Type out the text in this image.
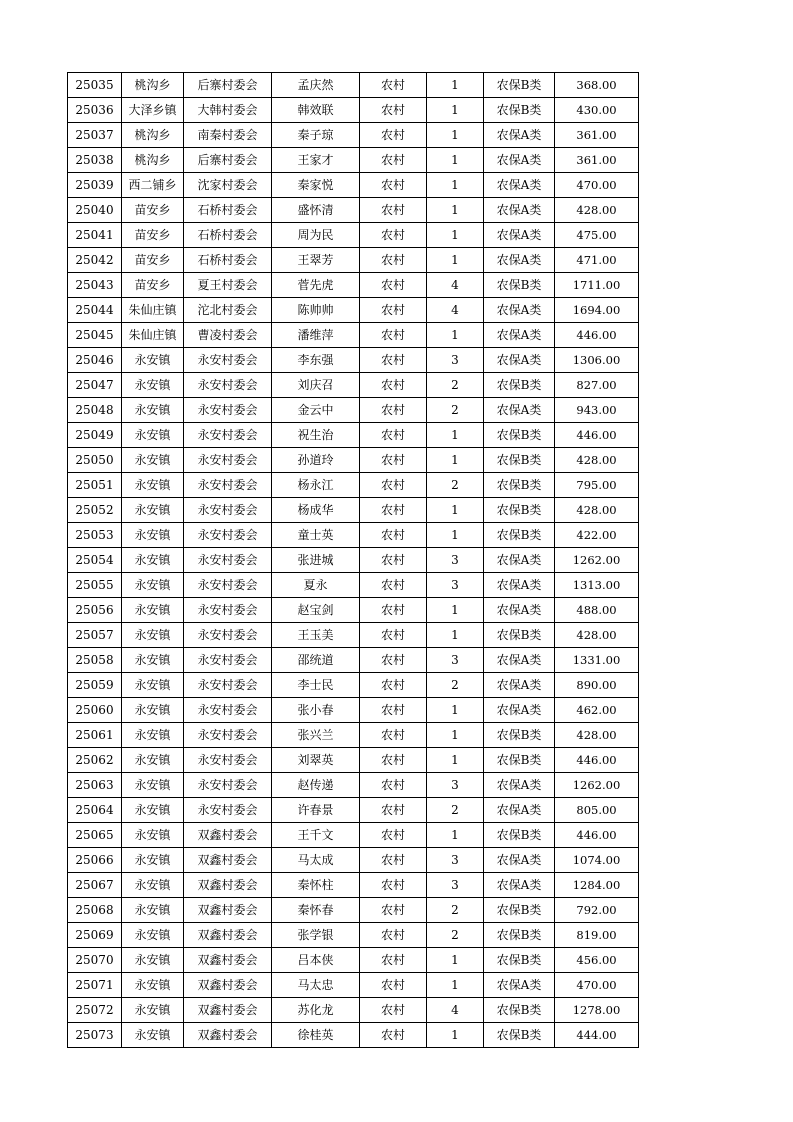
25035	桃沟乡	后寨村委会	孟庆然	农村	1	农保B类	368.00
25036	大泽乡镇	大韩村委会	韩效联	农村	1	农保B类	430.00
25037	桃沟乡	南秦村委会	秦子琼	农村	1	农保A类	361.00
25038	桃沟乡	后寨村委会	王家才	农村	1	农保A类	361.00
25039	西二铺乡	沈家村委会	秦家悦	农村	1	农保A类	470.00
25040	苗安乡	石桥村委会	盛怀清	农村	1	农保A类	428.00
25041	苗安乡	石桥村委会	周为民	农村	1	农保A类	475.00
25042	苗安乡	石桥村委会	王翠芳	农村	1	农保A类	471.00
25043	苗安乡	夏王村委会	菅先虎	农村	4	农保B类	1711.00
25044	朱仙庄镇	沱北村委会	陈帅帅	农村	4	农保A类	1694.00
25045	朱仙庄镇	曹凌村委会	潘维萍	农村	1	农保A类	446.00
25046	永安镇	永安村委会	李东强	农村	3	农保A类	1306.00
25047	永安镇	永安村委会	刘庆召	农村	2	农保B类	827.00
25048	永安镇	永安村委会	金云中	农村	2	农保A类	943.00
25049	永安镇	永安村委会	祝生治	农村	1	农保B类	446.00
25050	永安镇	永安村委会	孙道玲	农村	1	农保B类	428.00
25051	永安镇	永安村委会	杨永江	农村	2	农保B类	795.00
25052	永安镇	永安村委会	杨成华	农村	1	农保B类	428.00
25053	永安镇	永安村委会	童士英	农村	1	农保B类	422.00
25054	永安镇	永安村委会	张进城	农村	3	农保A类	1262.00
25055	永安镇	永安村委会	夏永	农村	3	农保A类	1313.00
25056	永安镇	永安村委会	赵宝剑	农村	1	农保A类	488.00
25057	永安镇	永安村委会	王玉美	农村	1	农保B类	428.00
25058	永安镇	永安村委会	邵统道	农村	3	农保A类	1331.00
25059	永安镇	永安村委会	李士民	农村	2	农保A类	890.00
25060	永安镇	永安村委会	张小春	农村	1	农保A类	462.00
25061	永安镇	永安村委会	张兴兰	农村	1	农保B类	428.00
25062	永安镇	永安村委会	刘翠英	农村	1	农保B类	446.00
25063	永安镇	永安村委会	赵传递	农村	3	农保A类	1262.00
25064	永安镇	永安村委会	许春景	农村	2	农保A类	805.00
25065	永安镇	双鑫村委会	王千文	农村	1	农保B类	446.00
25066	永安镇	双鑫村委会	马太成	农村	3	农保A类	1074.00
25067	永安镇	双鑫村委会	秦怀柱	农村	3	农保A类	1284.00
25068	永安镇	双鑫村委会	秦怀春	农村	2	农保B类	792.00
25069	永安镇	双鑫村委会	张学银	农村	2	农保B类	819.00
25070	永安镇	双鑫村委会	吕本侠	农村	1	农保B类	456.00
25071	永安镇	双鑫村委会	马太忠	农村	1	农保A类	470.00
25072	永安镇	双鑫村委会	苏化龙	农村	4	农保B类	1278.00
25073	永安镇	双鑫村委会	徐桂英	农村	1	农保B类	444.00
